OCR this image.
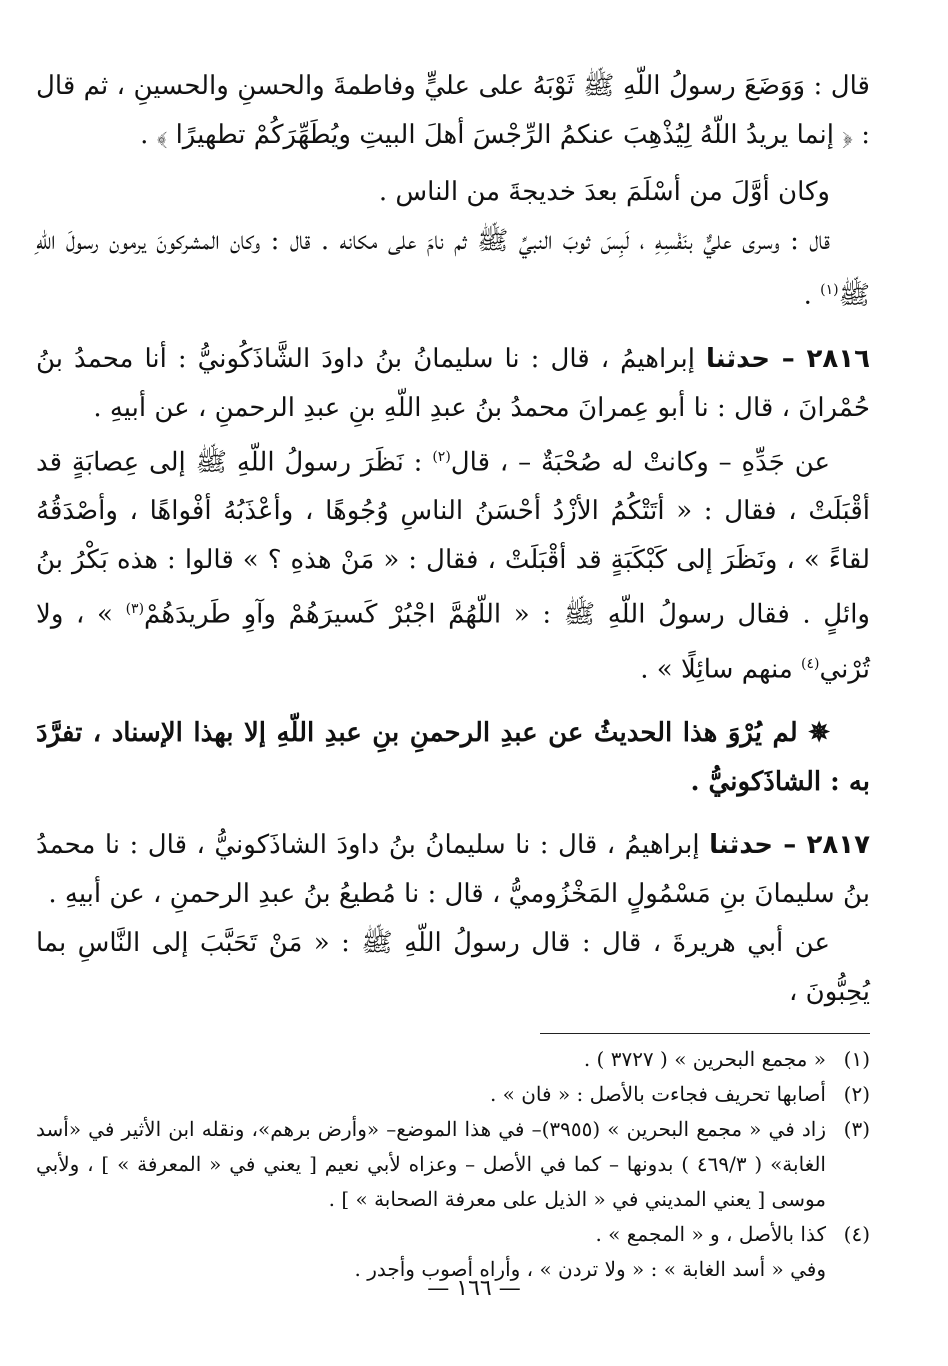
قال : وَوَضَعَ رسولُ اللّهِ ﷺ ثَوْبَهُ على عليٍّ وفاطمةَ والحسنِ والحسينِ ، ثم قال : ﴿ إنما يريدُ اللّهُ لِيُذْهِبَ عنكمُ الرِّجْسَ أهلَ البيتِ ويُطَهِّرَكُمْ تطهيرًا ﴾ .

وكان أوَّلَ من أسْلَمَ بعدَ خديجةَ من الناس .

قال : وسرى عليٌّ بنَفْسِهِ ، لَبِسَ ثوبَ النبيِّ ﷺ ثم نامَ على مكانه . قال : وكان المشركونَ يرمون رسولَ اللّهِ ﷺ$^{(١)}$ .

٢٨١٦ – حدثنا إبراهيمُ ، قال : نا سليمانُ بنُ داودَ الشَّاذَكُونيُّ : أنا محمدُ بنُ حُمْرانَ ، قال : نا أبو عِمرانَ محمدُ بنُ عبدِ اللّهِ بنِ عبدِ الرحمنِ ، عن أبيهِ .

عن جَدِّهِ – وكانتْ له صُحْبَةٌ – ، قال$^{(٢)}$ : نَظَرَ رسولُ اللّهِ ﷺ إلى عِصابَةٍ قد أقْبَلَتْ ، فقال : « أتَتْكُمُ الأزْدُ أحْسَنُ الناسِ وُجُوهًا ، وأعْذَبُهُ أفْواهًا ، وأصْدَقُهُ لقاءً » ، ونَظَرَ إلى كَبْكَبَةٍ قد أقْبَلَتْ ، فقال : « مَنْ هذهِ ؟ » قالوا : هذه بَكْرُ بنُ وائلٍ . فقال رسولُ اللّهِ ﷺ : « اللّهُمَّ اجْبُرْ كَسيرَهُمْ وآوِ طَريدَهُمْ$^{(٣)}$ » ، ولا تُرْني$^{(٤)}$ منهم سائِلًا » .

✵ لم يُرْوَ هذا الحديثُ عن عبدِ الرحمنِ بنِ عبدِ اللّهِ إلا بهذا الإسناد ، تفرَّدَ به : الشاذَكونيُّ .

٢٨١٧ – حدثنا إبراهيمُ ، قال : نا سليمانُ بنُ داودَ الشاذَكونيُّ ، قال : نا محمدُ بنُ سليمانَ بنِ مَسْمُولٍ المَخْزُوميُّ ، قال : نا مُطيعُ بنُ عبدِ الرحمنِ ، عن أبيهِ .

عن أبي هريرةَ ، قال : قال رسولُ اللّهِ ﷺ : « مَنْ تَحَبَّبَ إلى النَّاسِ بما يُحِبُّونَ ،

(١)
« مجمع البحرين » ( ٣٧٢٧ ) .
(٢)
أصابها تحريف فجاءت بالأصل : « فان » .
(٣)
زاد في « مجمع البحرين » (٣٩٥٥)– في هذا الموضع– «وأرض برهم»، ونقله ابن الأثير في «أسد الغابة» ( ٤٦٩/٣ ) بدونها – كما في الأصل – وعزاه لأبي نعيم [ يعني في « المعرفة » ] ، ولأبي موسى [ يعني المديني في « الذيل على معرفة الصحابة » ] .
(٤)
كذا بالأصل ، و « المجمع » .
وفي « أسد الغابة » : « ولا تردن » ، وأراه أصوب وأجدر .
— ١٦٦ —
